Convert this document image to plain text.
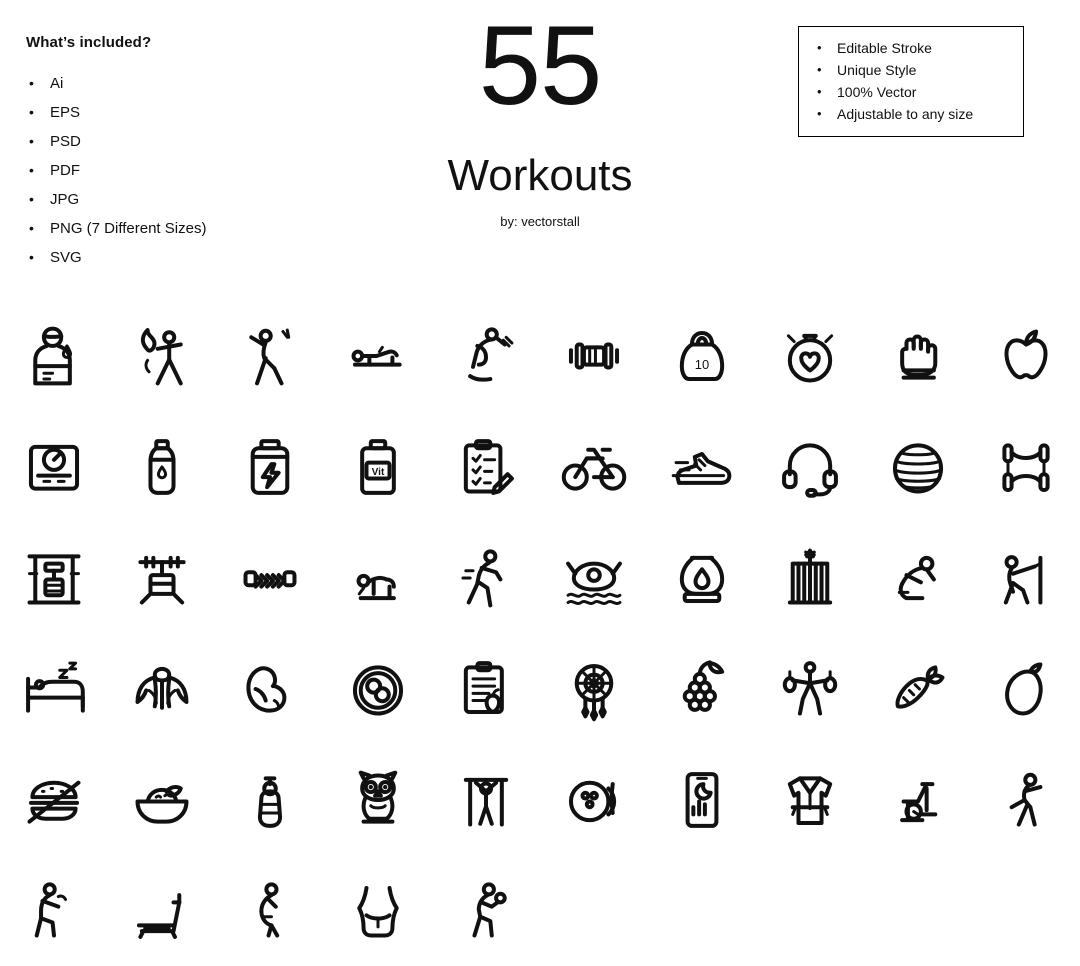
What’s included?

• Ai
• EPS
• PSD
• PDF
• JPG
• PNG (7 Different Sizes)
• SVG
55
Workouts
by: vectorstall
• Editable Stroke
• Unique Style
• 100% Vector
• Adjustable to any size
10
Vit
